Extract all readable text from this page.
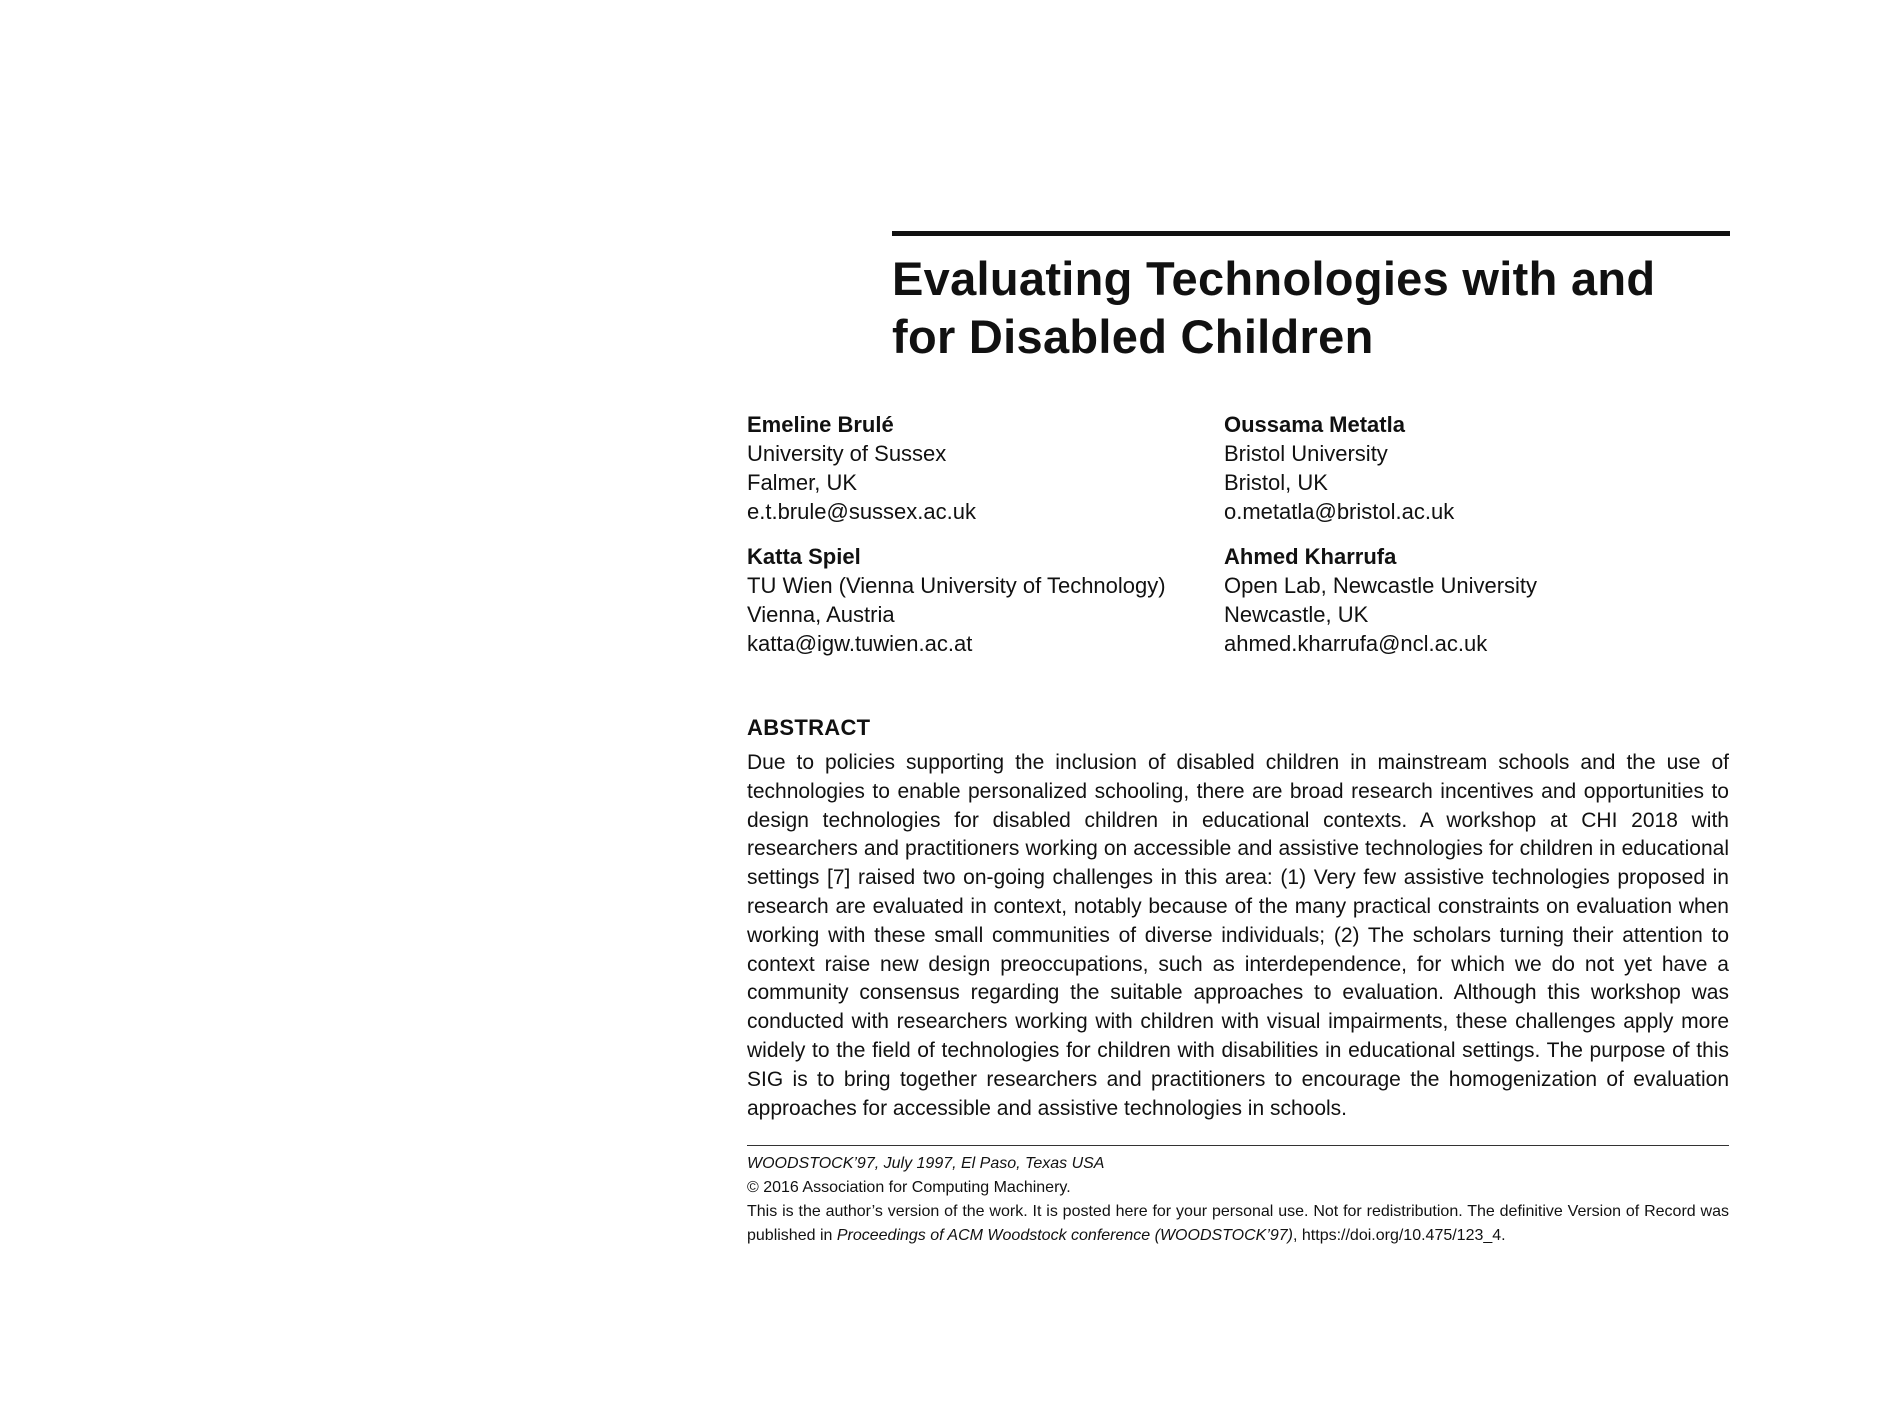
Evaluating Technologies with and for Disabled Children
Emeline Brulé
University of Sussex
Falmer, UK
e.t.brule@sussex.ac.uk
Oussama Metatla
Bristol University
Bristol, UK
o.metatla@bristol.ac.uk
Katta Spiel
TU Wien (Vienna University of Technology)
Vienna, Austria
katta@igw.tuwien.ac.at
Ahmed Kharrufa
Open Lab, Newcastle University
Newcastle, UK
ahmed.kharrufa@ncl.ac.uk
ABSTRACT

Due to policies supporting the inclusion of disabled children in mainstream schools and the use of technologies to enable personalized schooling, there are broad research incentives and opportunities to design technologies for disabled children in educational contexts. A workshop at CHI 2018 with researchers and practitioners working on accessible and assistive technologies for children in educational settings [7] raised two on-going challenges in this area: (1) Very few assistive technologies proposed in research are evaluated in context, notably because of the many practical constraints on evaluation when working with these small communities of diverse individuals; (2) The scholars turning their attention to context raise new design preoccupations, such as interdependence, for which we do not yet have a community consensus regarding the suitable approaches to evaluation. Although this workshop was conducted with researchers working with children with visual impairments, these challenges apply more widely to the field of technologies for children with disabilities in educational settings. The purpose of this SIG is to bring together researchers and practitioners to encourage the homogenization of evaluation approaches for accessible and assistive technologies in schools.

WOODSTOCK’97, July 1997, El Paso, Texas USA
© 2016 Association for Computing Machinery.
This is the author’s version of the work. It is posted here for your personal use. Not for redistribution. The definitive Version of Record was published in Proceedings of ACM Woodstock conference (WOODSTOCK’97), https://doi.org/10.475/123_4.
